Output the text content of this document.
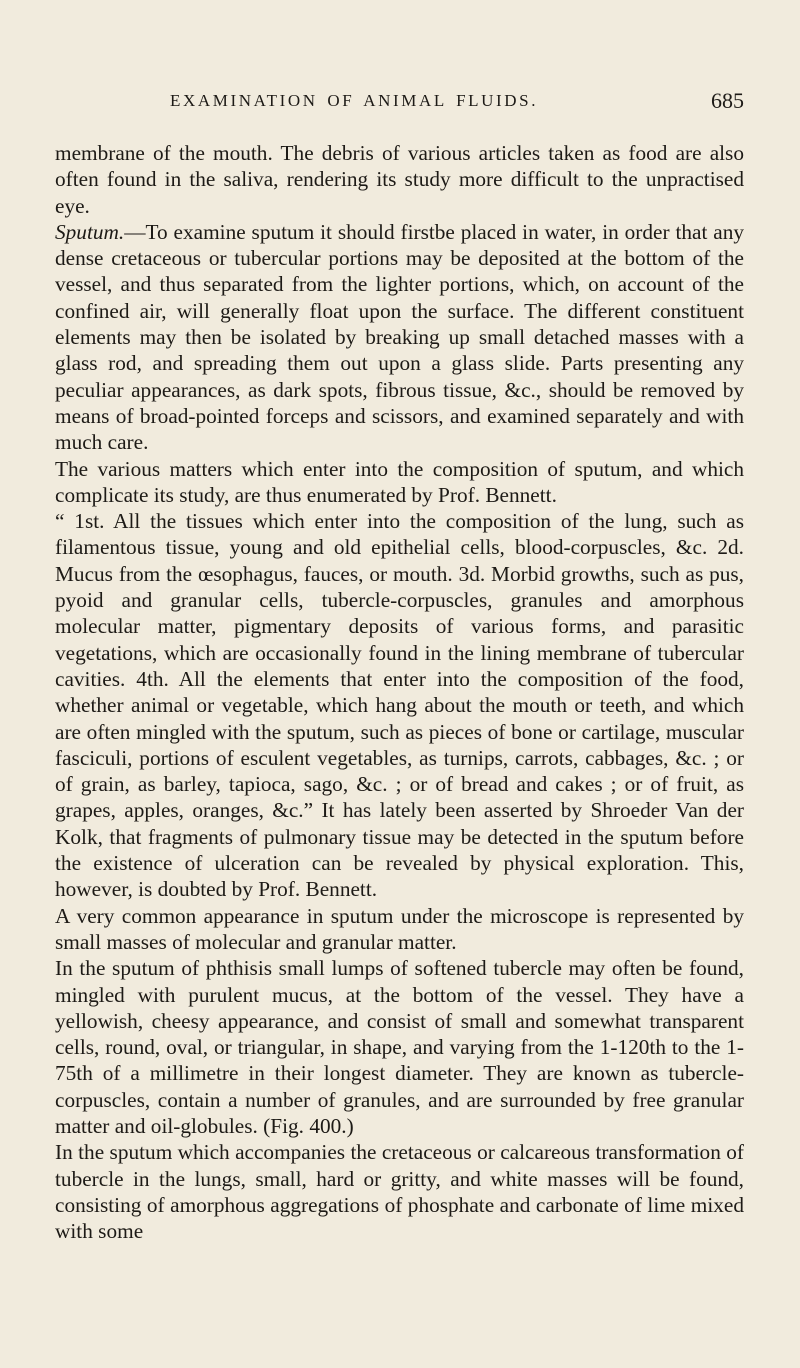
EXAMINATION OF ANIMAL FLUIDS.	685

membrane of the mouth. The debris of various articles taken as food are also often found in the saliva, rendering its study more difficult to the unpractised eye.

Sputum.—To examine sputum it should firstbe placed in water, in order that any dense cretaceous or tubercular portions may be deposited at the bottom of the vessel, and thus separated from the lighter portions, which, on account of the confined air, will generally float upon the surface. The different constituent elements may then be isolated by breaking up small detached masses with a glass rod, and spreading them out upon a glass slide. Parts presenting any peculiar appearances, as dark spots, fibrous tissue, &c., should be removed by means of broad-pointed forceps and scissors, and examined separately and with much care.

The various matters which enter into the composition of sputum, and which complicate its study, are thus enumerated by Prof. Bennett.

“ 1st. All the tissues which enter into the composition of the lung, such as filamentous tissue, young and old epithelial cells, blood-corpuscles, &c. 2d. Mucus from the œsophagus, fauces, or mouth. 3d. Morbid growths, such as pus, pyoid and granular cells, tubercle-corpuscles, granules and amorphous molecular matter, pigmentary deposits of various forms, and parasitic vegetations, which are occasionally found in the lining membrane of tubercular cavities. 4th. All the elements that enter into the composition of the food, whether animal or vegetable, which hang about the mouth or teeth, and which are often mingled with the sputum, such as pieces of bone or cartilage, muscular fasciculi, portions of esculent vegetables, as turnips, carrots, cabbages, &c. ; or of grain, as barley, tapioca, sago, &c. ; or of bread and cakes ; or of fruit, as grapes, apples, oranges, &c.” It has lately been asserted by Shroeder Van der Kolk, that fragments of pulmonary tissue may be detected in the sputum before the existence of ulceration can be revealed by physical exploration. This, however, is doubted by Prof. Bennett.

A very common appearance in sputum under the microscope is represented by small masses of molecular and granular matter.

In the sputum of phthisis small lumps of softened tubercle may often be found, mingled with purulent mucus, at the bottom of the vessel. They have a yellowish, cheesy appearance, and consist of small and somewhat transparent cells, round, oval, or triangular, in shape, and varying from the 1-120th to the 1-75th of a millimetre in their longest diameter. They are known as tubercle-corpuscles, contain a number of granules, and are surrounded by free granular matter and oil-globules. (Fig. 400.)

In the sputum which accompanies the cretaceous or calcareous transformation of tubercle in the lungs, small, hard or gritty, and white masses will be found, consisting of amorphous aggregations of phosphate and carbonate of lime mixed with some
